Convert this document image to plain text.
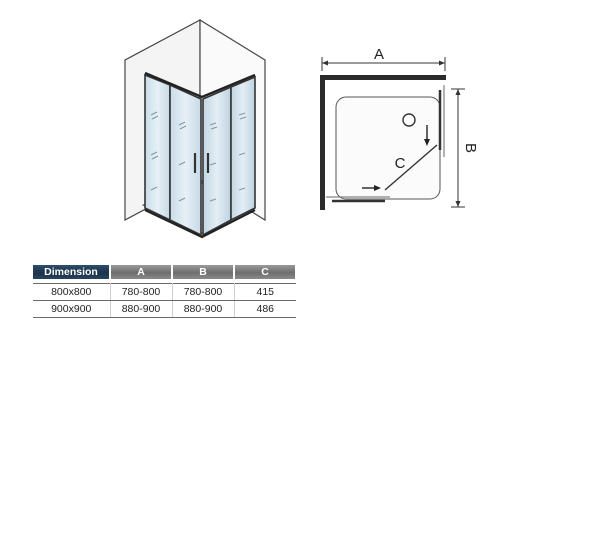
A
C
B
Dimension	A	B	C

800x800	780-800	780-800	415
900x900	880-900	880-900	486
